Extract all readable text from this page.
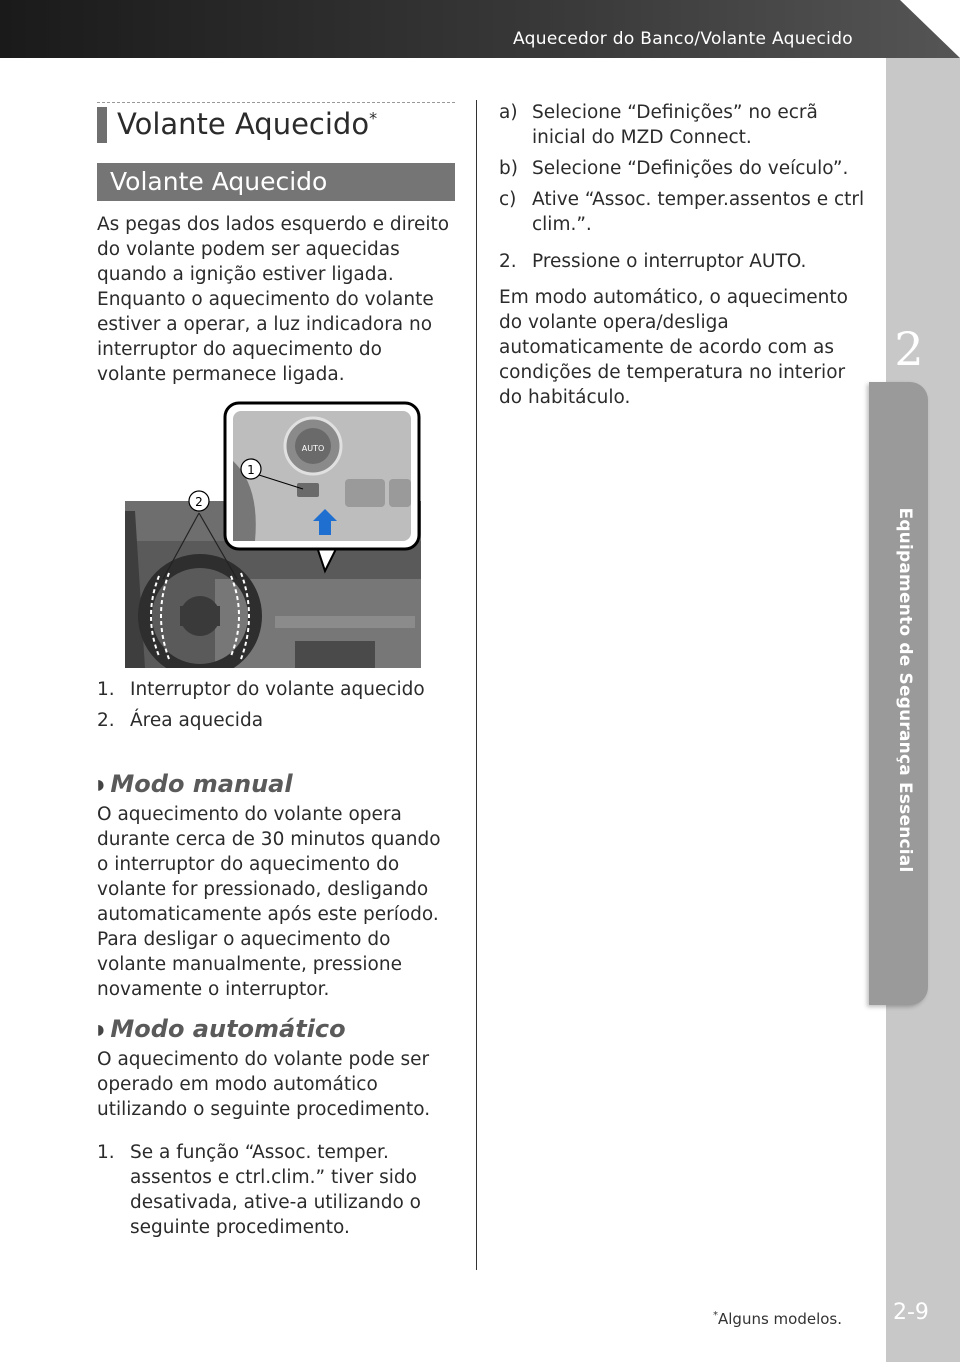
Aquecedor do Banco/Volante Aquecido
2
Equipamento de Segurança Essencial
2-9
*Alguns modelos.
Volante Aquecido*
Volante Aquecido

As pegas dos lados esquerdo e direito do volante podem ser aquecidas quando a ignição estiver ligada. Enquanto o aquecimento do volante estiver a operar, a luz indicadora no interruptor do aquecimento do volante permanece ligada.

AUTO
1
2
1. Interruptor do volante aquecido
2. Área aquecida
◗ Modo manual

O aquecimento do volante opera durante cerca de 30 minutos quando o interruptor do aquecimento do volante for pressionado, desligando automaticamente após este período. Para desligar o aquecimento do volante manualmente, pressione novamente o interruptor.

◗ Modo automático

O aquecimento do volante pode ser operado em modo automático utilizando o seguinte procedimento.

1. Se a função “Assoc. temper. assentos e ctrl.clim.” tiver sido desativada, ative-a utilizando o seguinte procedimento.
a) Selecione “Definições” no ecrã inicial do MZD Connect.
b) Selecione “Definições do veículo”.
c) Ative “Assoc. temper.assentos e ctrl clim.”.
2. Pressione o interruptor AUTO.

Em modo automático, o aquecimento do volante opera/desliga automaticamente de acordo com as condições de temperatura no interior do habitáculo.
